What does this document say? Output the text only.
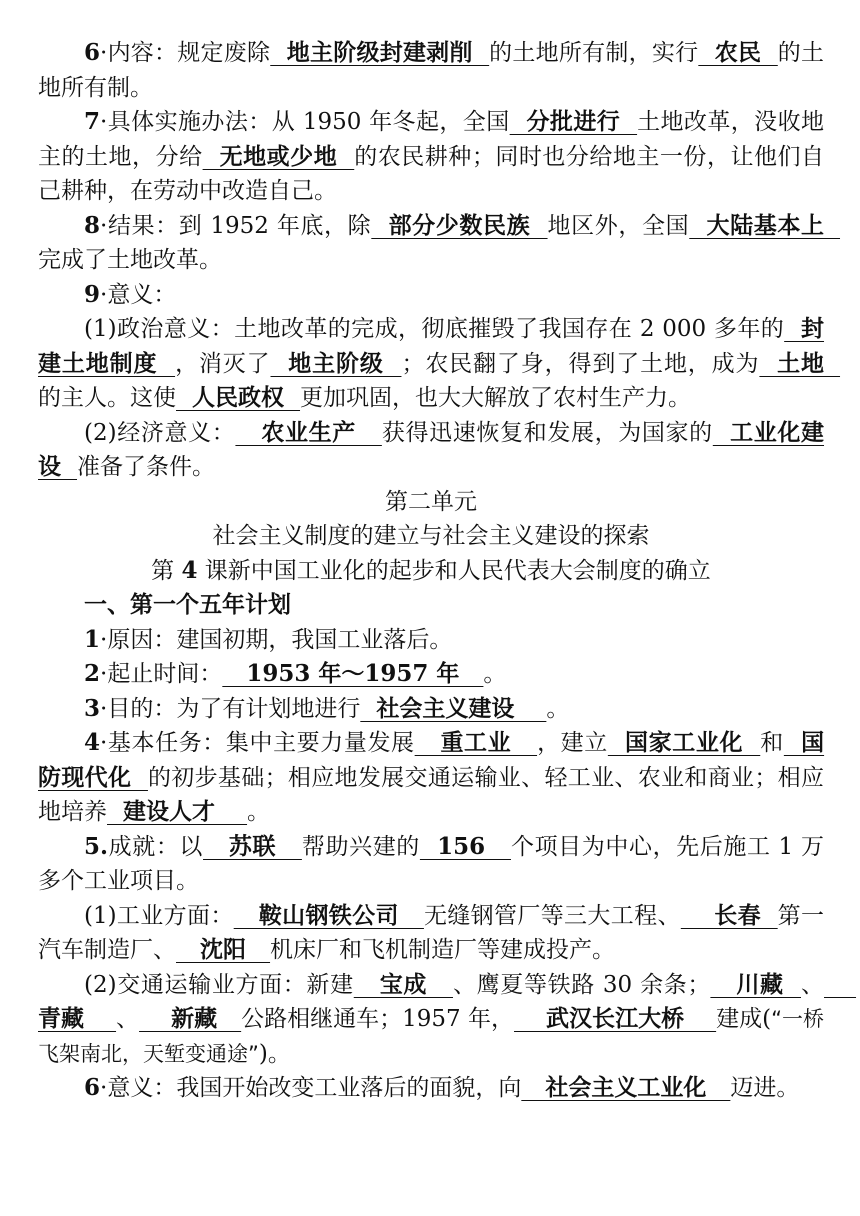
6·内容：规定废除  地主阶级封建剥削  的土地所有制，实行  农民  的土地所有制。

7·具体实施办法：从 1950 年冬起，全国  分批进行  土地改革，没收地主的土地，分给  无地或少地  的农民耕种；同时也分给地主一份，让他们自己耕种，在劳动中改造自己。

8·结果：到 1952 年底，除  部分少数民族  地区外，全国  大陆基本上  完成了土地改革。

9·意义：

(1)政治意义：土地改革的完成，彻底摧毁了我国存在 2 000 多年的  封建土地制度  ，消灭了  地主阶级  ；农民翻了身，得到了土地，成为  土地  的主人。这使  人民政权  更加巩固，也大大解放了农村生产力。

(2)经济意义：   农业生产   获得迅速恢复和发展，为国家的  工业化建设  准备了条件。

第二单元

社会主义制度的建立与社会主义建设的探索

第 4 课新中国工业化的起步和人民代表大会制度的确立

一、第一个五年计划

1·原因：建国初期，我国工业落后。

2·起止时间：   1953 年～1957 年   。

3·目的：为了有计划地进行  社会主义建设    。

4·基本任务：集中主要力量发展   重工业   ，建立  国家工业化  和  国防现代化  的初步基础；相应地发展交通运输业、轻工业、农业和商业；相应地培养  建设人才    。

5.成就：以   苏联   帮助兴建的  156   个项目为中心，先后施工 1 万多个工业项目。

(1)工业方面：   鞍山钢铁公司   无缝钢管厂等三大工程、    长春  第一汽车制造厂、   沈阳   机床厂和飞机制造厂等建成投产。

(2)交通运输业方面：新建   宝成   、鹰夏等铁路 30 余条；   川藏  、    青藏    、    新藏   公路相继通车；1957 年，    武汉长江大桥    建成(“一桥飞架南北，天堑变通途”)。

6·意义：我国开始改变工业落后的面貌，向   社会主义工业化   迈进。
